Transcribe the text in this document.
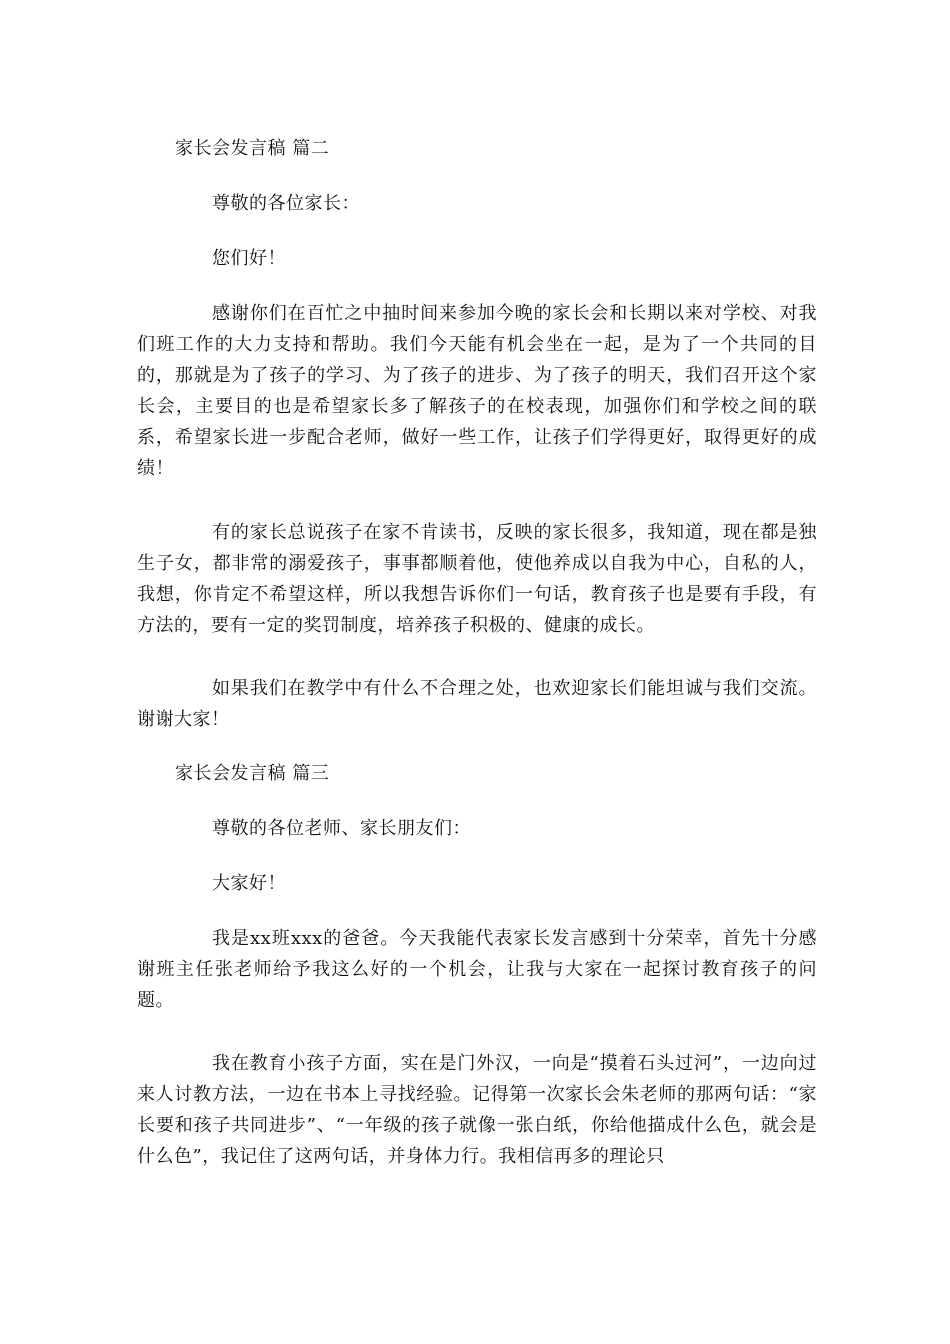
家长会发言稿 篇二
尊敬的各位家长：
您们好！

感谢你们在百忙之中抽时间来参加今晚的家长会和长期以来对学校、对我们班工作的大力支持和帮助。我们今天能有机会坐在一起，是为了一个共同的目的，那就是为了孩子的学习、为了孩子的进步、为了孩子的明天，我们召开这个家长会，主要目的也是希望家长多了解孩子的在校表现，加强你们和学校之间的联系，希望家长进一步配合老师，做好一些工作，让孩子们学得更好，取得更好的成绩！

有的家长总说孩子在家不肯读书，反映的家长很多，我知道，现在都是独生子女，都非常的溺爱孩子，事事都顺着他，使他养成以自我为中心，自私的人，我想，你肯定不希望这样，所以我想告诉你们一句话，教育孩子也是要有手段，有方法的，要有一定的奖罚制度，培养孩子积极的、健康的成长。

如果我们在教学中有什么不合理之处，也欢迎家长们能坦诚与我们交流。谢谢大家！

家长会发言稿 篇三
尊敬的各位老师、家长朋友们：
大家好！

我是xx班xxx的爸爸。今天我能代表家长发言感到十分荣幸，首先十分感谢班主任张老师给予我这么好的一个机会，让我与大家在一起探讨教育孩子的问题。

我在教育小孩子方面，实在是门外汉，一向是“摸着石头过河”，一边向过来人讨教方法，一边在书本上寻找经验。记得第一次家长会朱老师的那两句话：“家长要和孩子共同进步”、“一年级的孩子就像一张白纸，你给他描成什么色，就会是什么色”，我记住了这两句话，并身体力行。我相信再多的理论只
